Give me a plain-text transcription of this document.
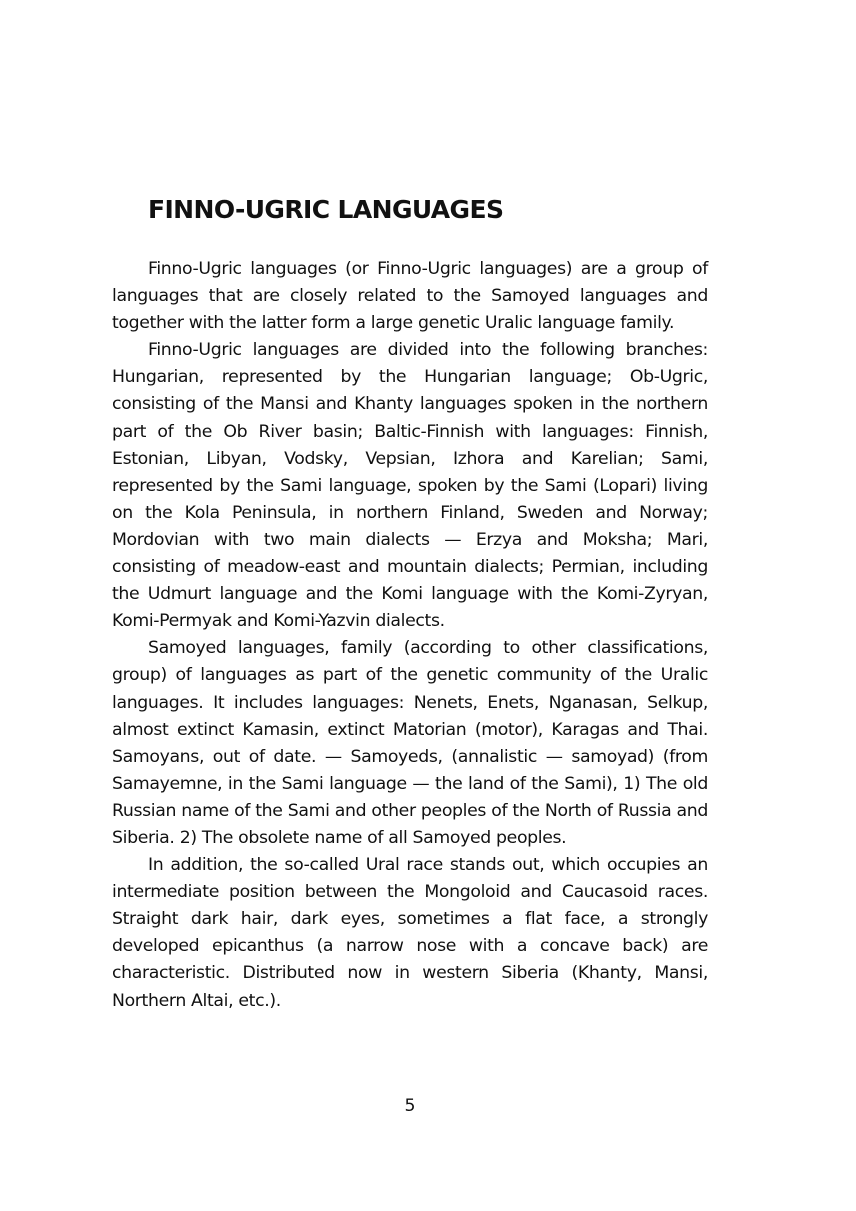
FINNO-UGRIC LANGUAGES

Finno-Ugric languages (or Finno-Ugric languages) are a group of languages that are closely related to the Samoyed languages and together with the latter form a large genetic Uralic language family.

Finno-Ugric languages are divided into the following branches: Hungarian, represented by the Hungarian language; Ob-Ugric, consisting of the Mansi and Khanty languages spoken in the northern part of the Ob River basin; Baltic-Finnish with languages: Finnish, Estonian, Libyan, Vodsky, Vepsian, Izhora and Karelian; Sami, represented by the Sami language, spoken by the Sami (Lopari) living on the Kola Peninsula, in northern Finland, Sweden and Norway; Mordovian with two main dialects — Erzya and Moksha; Mari, consisting of meadow-east and mountain dialects; Permian, including the Udmurt language and the Komi language with the Komi-Zyryan, Komi-Permyak and Komi-Yazvin dialects.

Samoyed languages, family (according to other classifications, group) of languages as part of the genetic community of the Uralic languages. It includes languages: Nenets, Enets, Nganasan, Selkup, almost extinct Kamasin, extinct Matorian (motor), Karagas and Thai. Samoyans, out of date. — Samoyeds, (annalistic — samoyad) (from Samayemne, in the Sami language — the land of the Sami), 1) The old Russian name of the Sami and other peoples of the North of Russia and Siberia. 2) The obsolete name of all Samoyed peoples.

In addition, the so-called Ural race stands out, which occupies an intermediate position between the Mongoloid and Caucasoid races. Straight dark hair, dark eyes, sometimes a flat face, a strongly developed epicanthus (a narrow nose with a concave back) are characteristic. Distributed now in western Siberia (Khanty, Mansi, Northern Altai, etc.).

5
